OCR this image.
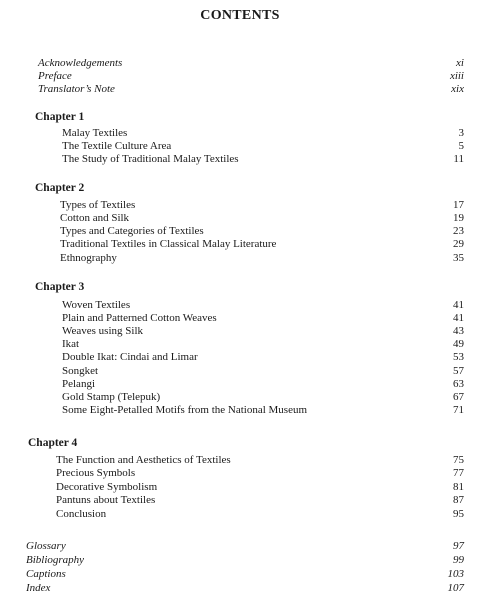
CONTENTS
Acknowledgements	xi
Preface	xiii
Translator’s Note	xix
Chapter 1
Malay Textiles	3
The Textile Culture Area	5
The Study of Traditional Malay Textiles	11
Chapter 2
Types of Textiles	17
Cotton and Silk	19
Types and Categories of Textiles	23
Traditional Textiles in Classical Malay Literature	29
Ethnography	35
Chapter 3
Woven Textiles	41
Plain and Patterned Cotton Weaves	41
Weaves using Silk	43
Ikat	49
Double Ikat: Cindai and Limar	53
Songket	57
Pelangi	63
Gold Stamp (Telepuk)	67
Some Eight-Petalled Motifs from the National Museum	71
Chapter 4
The Function and Aesthetics of Textiles	75
Precious Symbols	77
Decorative Symbolism	81
Pantuns about Textiles	87
Conclusion	95
Glossary	97
Bibliography	99
Captions	103
Index	107
